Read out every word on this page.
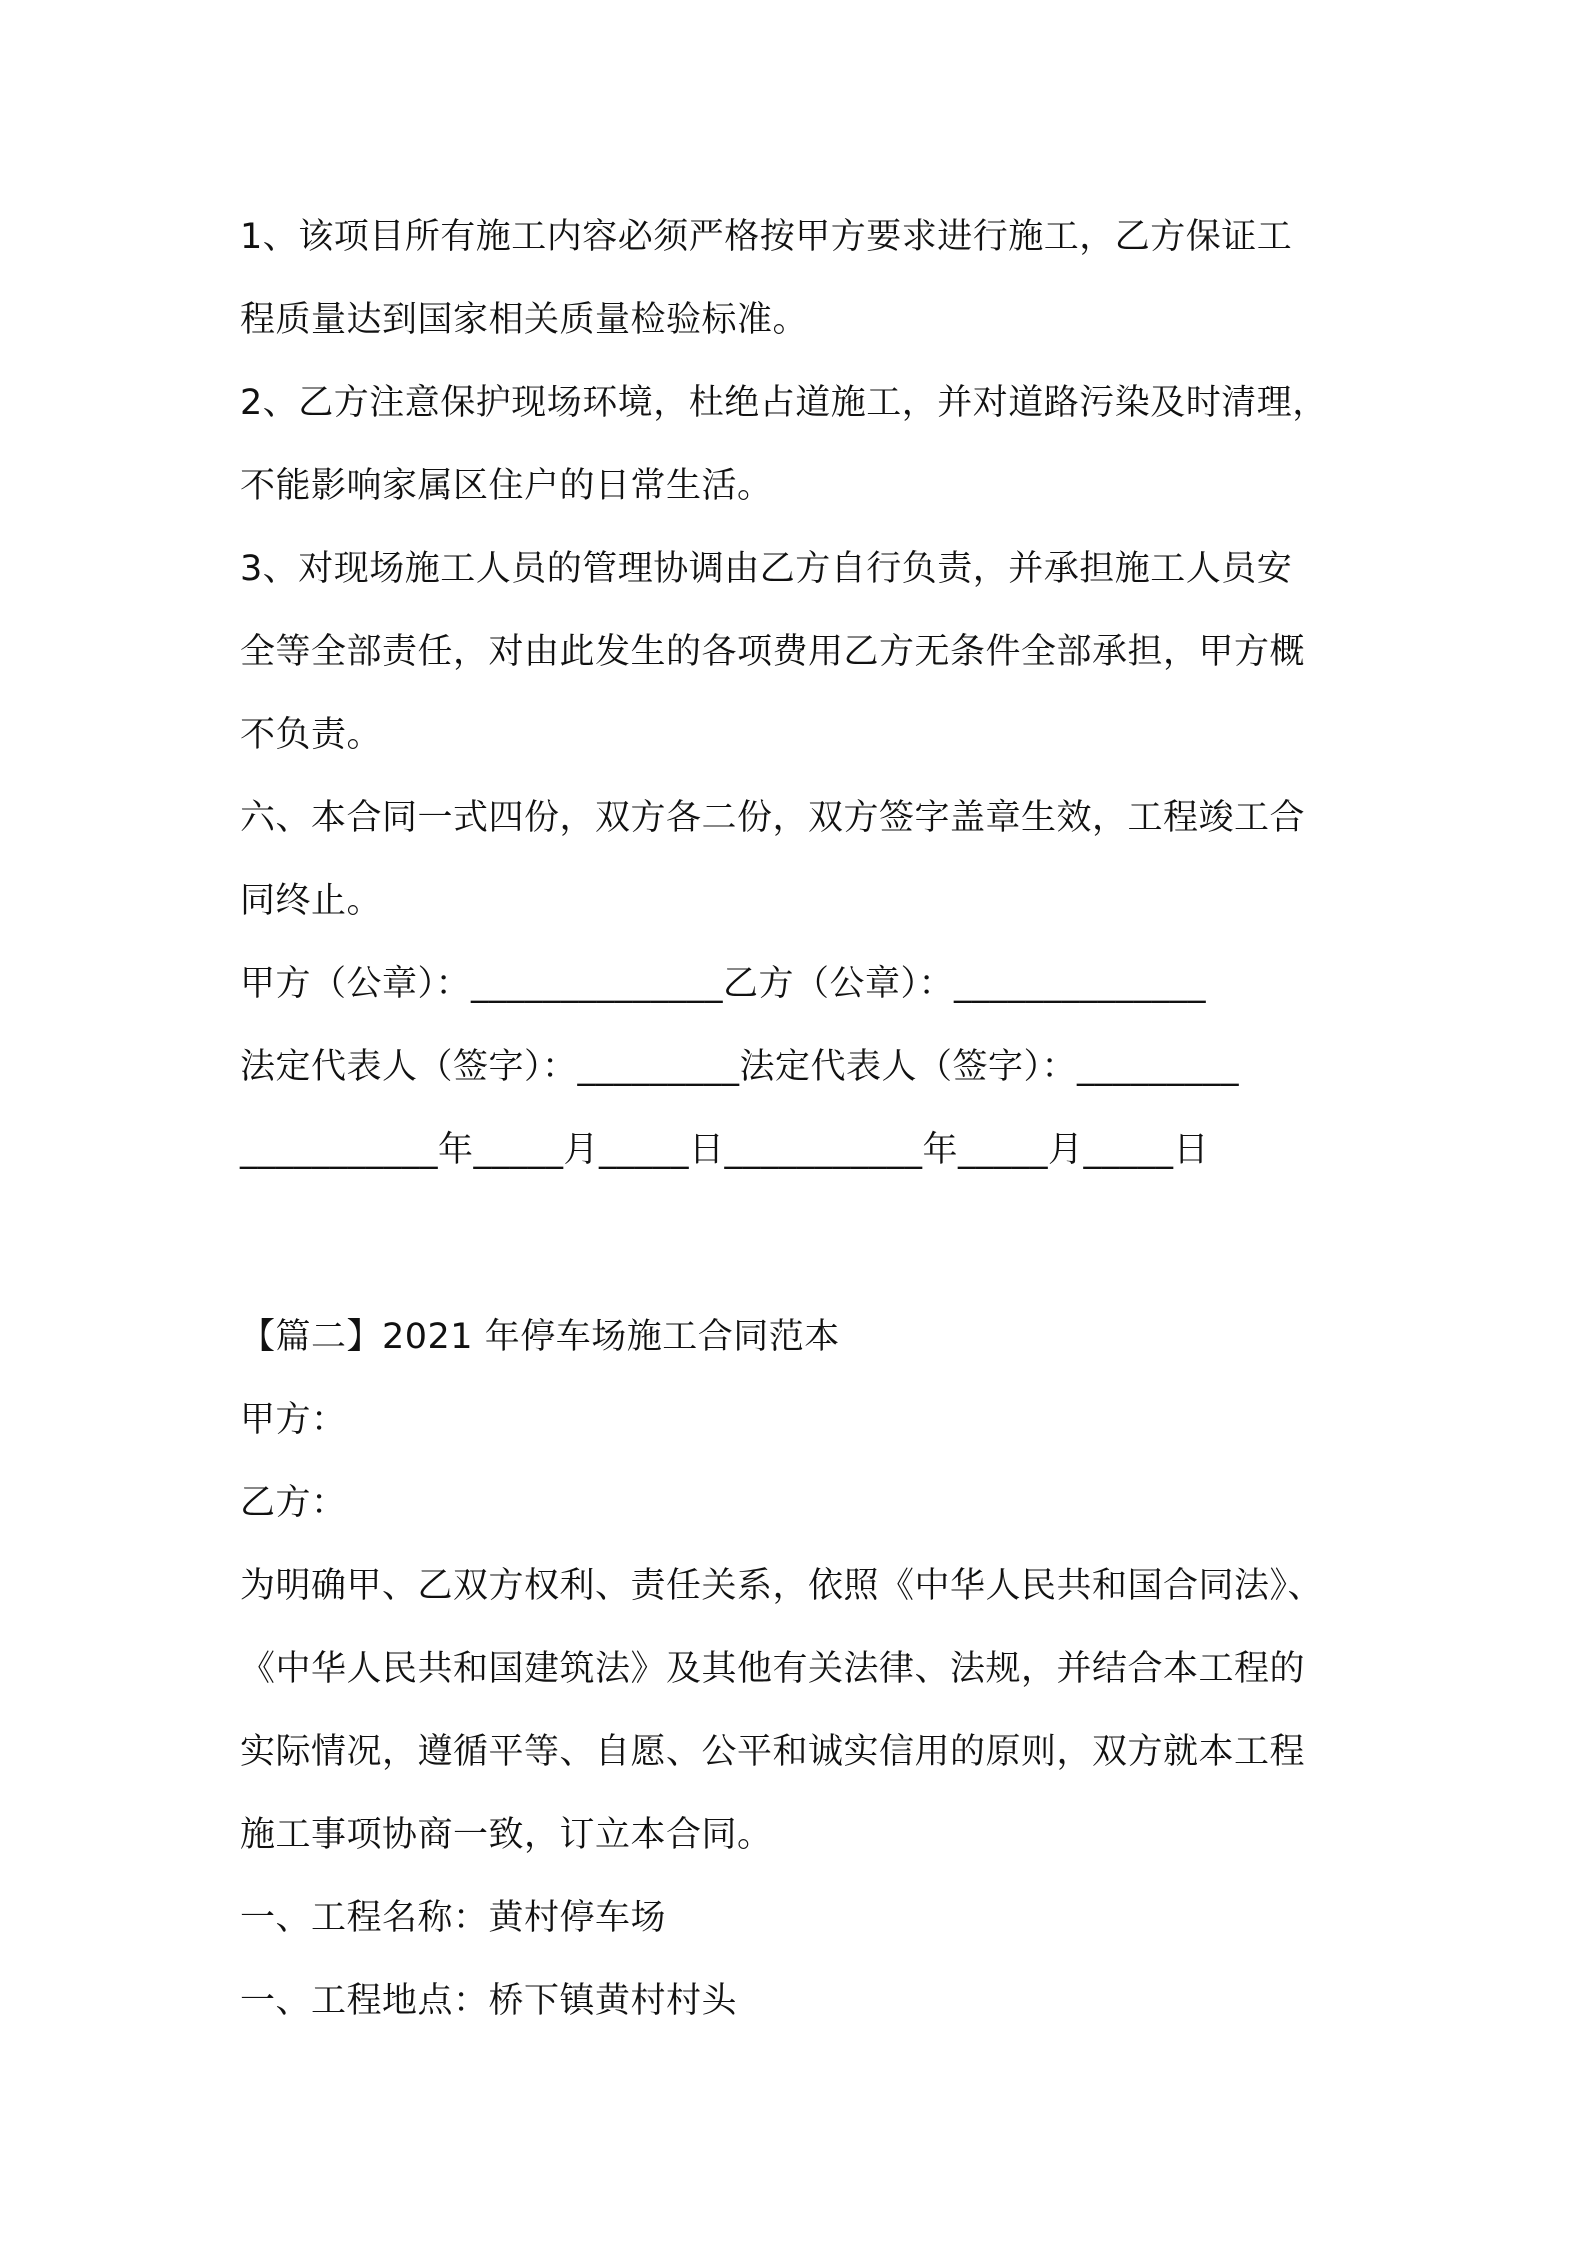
1、该项目所有施工内容必须严格按甲方要求进行施工，乙方保证工
程质量达到国家相关质量检验标准。
2、乙方注意保护现场环境，杜绝占道施工，并对道路污染及时清理，
不能影响家属区住户的日常生活。
3、对现场施工人员的管理协调由乙方自行负责，并承担施工人员安
全等全部责任，对由此发生的各项费用乙方无条件全部承担，甲方概
不负责。
六、本合同一式四份，双方各二份，双方签字盖章生效，工程竣工合
同终止。
甲方（公章）：______________乙方（公章）：______________
法定代表人（签字）：_________法定代表人（签字）：_________
___________年_____月_____日___________年_____月_____日
【篇二】2021 年停车场施工合同范本
甲方：
乙方：
为明确甲、乙双方权利、责任关系，依照《中华人民共和国合同法》、
《中华人民共和国建筑法》及其他有关法律、法规，并结合本工程的
实际情况，遵循平等、自愿、公平和诚实信用的原则，双方就本工程
施工事项协商一致，订立本合同。
一、工程名称：黄村停车场
一、工程地点：桥下镇黄村村头
